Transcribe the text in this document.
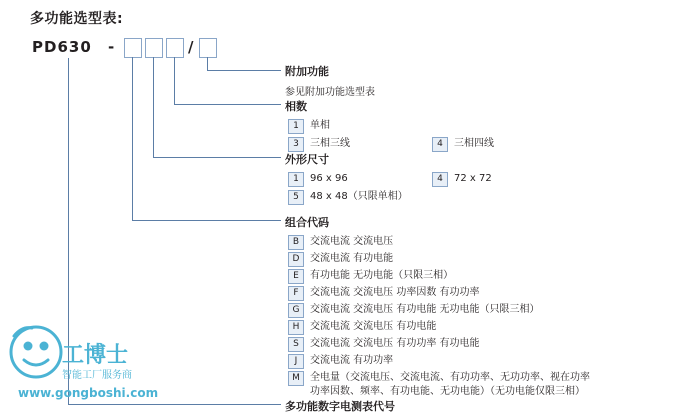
多功能选型表:
PD630 -	/
附加功能
参见附加功能选型表
相数
1	单相
3	三相三线	4	三相四线
外形尺寸
1	96 x 96	4	72 x 72
5	48 x 48（只限单相）
组合代码
B	交流电流 交流电压
D	交流电流 有功电能
E	有功电能 无功电能（只限三相）
F	交流电流 交流电压 功率因数 有功功率
G	交流电流 交流电压 有功电能 无功电能（只限三相）
H	交流电流 交流电压 有功电能
S	交流电流 交流电压 有功功率 有功电能
J	交流电流 有功功率
M	全电量（交流电压、交流电流、有功功率、无功功率、视在功率
功率因数、频率、有功电能、无功电能）（无功电能仅限三相）
多功能数字电测表代号
工博士
智能工厂服务商
www.gongboshi.com
